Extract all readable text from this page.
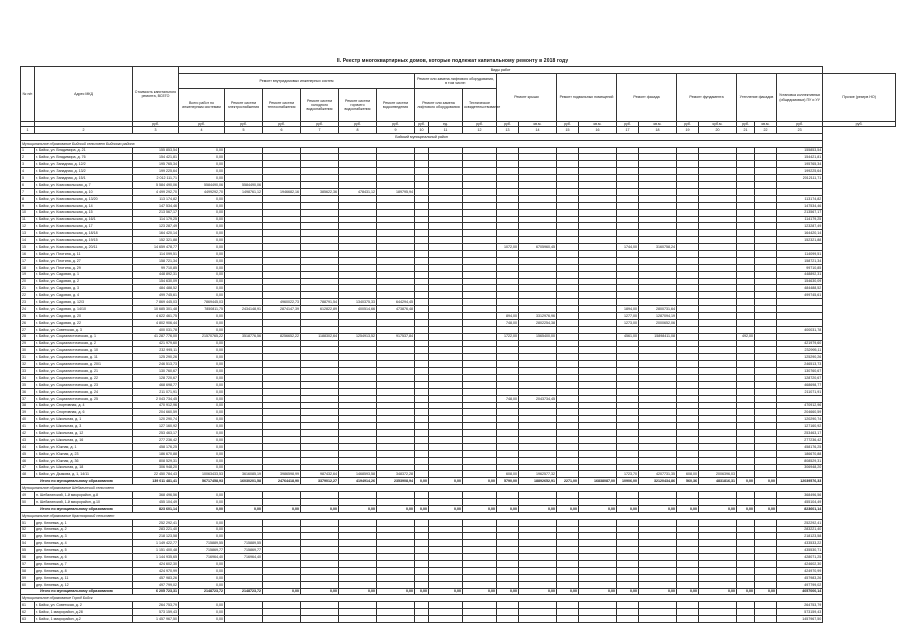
II. Реестр многоквартирных домов, которые подлежат капитальному ремонту в 2018 году
№ п/п	Адрес МКД	Стоимость капитального ремонта, ВСЕГО	Виды работ																				
			Ремонт внутридомовых инженерных систем						Ремонт или замена лифтового оборудования, в том числе:			Ремонт крыши		Ремонт подвальных помещений		Ремонт фасада		Ремонт фундамента		Утепление фасадов		Установка коллективных (общедомовых) ПУ и УУ	Прочие (резерв НО)
			Всего работ по инженерным системам	Ремонт систем электроснабжения	Ремонт систем теплоснабжения	Ремонт систем холодного водоснабжения	Ремонт систем горячего водоснабжения	Ремонт систем водоотведения															
									Ремонт или замена лифтового оборудования		Техническое освидетельствование												
		руб.	руб.	руб.	руб.	руб.	руб.	руб.	руб.	ед.	руб.	руб.	кв.м.	руб.	кв.м.	руб.	кв.м.	руб.	куб.м.	руб.	кв.м.	руб.	руб.
1	2	3	4	5	6	7	8	9	10	11	12	13	14	15	16	17	18	19	20	21	22	23	
Бийский муниципальный район																							
Муниципальное образование Бийский сельсовет Бийского района																							
1	г. Бийск, ул. Владимира, д. 21	155 853,54	0,00																			155853,54	
2	г. Бийск, ул. Владимира, д. 76	154 421,81	0,00																			154421,81	
3	г. Бийск, ул. Западная, д. 12/2	195 765,34	0,00																			195765,34	
4	г. Бийск, ул. Западная, д. 13/2	199 225,64	0,00																			199225,64	
5	г. Бийск, ул. Западная, д. 15/1	2 012 111,71	0,00																			2012111,71	
6	г. Бийск, ул. Комсомольская, д. 7	5 584 490,06	5584490,06	5584490,06																			
7	г. Бийск, ул. Комсомольская, д. 10	4 499 292,70	4499292,70	1498761,12	1946682,16	385622,36	478431,12	189795,94															
8	г. Бийск, ул. Комсомольская, д. 13/20	113 174,82	0,00																			113174,82	
9	г. Бийск, ул. Комсомольская, д. 14	147 534,46	0,00																			147534,46	
10	г. Бийск, ул. Комсомольская, д. 15	213 567,17	0,00																			213567,17	
11	г. Бийск, ул. Комсомольская, д. 16/1	114 179,25	0,00																			114179,25	
12	г. Бийск, ул. Комсомольская, д. 17	123 287,49	0,00																			123287,49	
13	г. Бийск, ул. Комсомольская, д. 18/18	164 420,14	0,00																			164420,14	
14	г. Бийск, ул. Комсомольская, д. 19/15	152 321,88	0,00																			152321,88	
15	г. Бийск, ул. Комсомольская, д. 20/11	14 659 478,77	0,00									1072,00	6705960,45			1744,00	3160758,24						
16	г. Бийск, ул. Плотина, д. 11	114 099,51	0,00																			114099,51	
17	г. Бийск, ул. Плотина, д. 27	158 721,34	0,00																			158721,34	
18	г. Бийск, ул. Плотина, д. 29	99 710,85	0,00																			99710,85	
19	г. Бийск, ул. Садовая, д. 1	448 892,31	0,00																			448892,31	
20	г. Бийск, ул. Садовая, д. 2	154 630,09	0,00																			154630,09	
21	г. Бийск, ул. Садовая, д. 3	484 488,52	0,00																			484488,52	
22	г. Бийск, ул. Садовая, д. 4	499 745,61	0,00																			499745,61	
23	г. Бийск, ул. Садовая, д. 12/3	7 869 445,03	7869445,03		4960022,73	788791,54	1340375,33	644294,45															
24	г. Бийск, ул. Садовая, д. 14/10	10 685 301,48	7850811,75	2434148,91	2874147,39	612822,89	400514,66	473876,48								1894,00	2800731,64						
25	г. Бийск, ул. Садовая, д. 20	4 622 461,75	0,00									894,00	3312976,96			1277,00	1287094,19						
26	г. Бийск, ул. Садовая, д. 22	4 802 906,44	0,00									748,00	2802254,38			1273,00	2000652,06						
27	г. Бийск, ул. Советская, д. 3	400 031,78	0,00																			400031,78	
28	г. Бийск, ул. Социалистическая, д. 1	41 287 776,00	21570765,22	3518776,56	8256652,22	1188302,64	1254913,52	917537,84				1722,00	1565400,00			4561,00	15898411,08			492,00			
29	г. Бийск, ул. Социалистическая, д. 2	421 979,60	0,00																			421979,60	
30	г. Бийск, ул. Социалистическая, д. 10	232 995,11	0,00																			232995,11	
31	г. Бийск, ул. Социалистическая, д. 11	125 290,26	0,00																			125290,26	
32	г. Бийск, ул. Социалистическая, д. 20/1	246 513,73	0,00																			246513,73	
33	г. Бийск, ул. Социалистическая, д. 21	130 760,67	0,00																			130760,67	
34	г. Бийск, ул. Социалистическая, д. 22	128 720,67	0,00																			128720,67	
35	г. Бийск, ул. Социалистическая, д. 23	468 698,77	0,00																			468698,77	
36	г. Бийск, ул. Социалистическая, д. 24	211 071,91	0,00																			211071,91	
37	г. Бийск, ул. Социалистическая, д. 25	2 043 734,45	0,00									748,00	2043734,45										
38	г. Бийск, ул. Спортивная, д. 4	470 912,96	0,00																			470912,96	
39	г. Бийск, ул. Спортивная, д. 6	204 660,59	0,00																			204660,59	
40	г. Бийск, ул. Школьная, д. 1	120 290,74	0,00																			120290,74	
41	г. Бийск, ул. Школьная, д. 3	127 160,92	0,00																			127160,92	
42	г. Бийск, ул. Школьная, д. 12	253 463,17	0,00																			253463,17	
43	г. Бийск, ул. Школьная, д. 16	277 236,42	0,00																			277236,42	
44	г. Бийск, ул. Южная, д. 1	458 176,25	0,00																			458176,25	
45	г. Бийск, ул. Южная, д. 23	186 670,88	0,00																			186670,88	
46	г. Бийск, ул. Южная, д. 36	808 529,31	0,00																			808529,31	
47	г. Бийск, ул. Школьная, д. 18	306 948,20	0,00																			306948,20	
48	г. Бийск, ул. Дьякова, д. 1, 14/11	22 450 784,43	10063433,53	3616085,19	3986598,99	987432,64	1468593,58	348372,28				608,00	1962577,32			1723,70	4207731,35	608,00	2006396,03				
Итого по муниципальному образованию		139 011 481,41	56717458,93	16030201,58	24764418,90	3379012,27	4194914,26	2353908,94	0,00	0,00	0,00	5790,00	18892652,91	2271,00	16838087,00	10906,00	32120434,86	560,36	4831816,31	0,00	0,00	12039576,33	
Муниципальное образование Шебалинский сельсовет																							
49	п. Шебалинский, 1-й микрорайон, д.8	368 496,56	0,00																			368496,56	
50	п. Шебалинский, 1-й микрорайон, д.10	455 104,49	0,00																			455104,49	
Итого по муниципальному образованию		823 601,14	0,00	0,00	0,00	0,00	0,00	0,00	0,00	0,00	0,00	0,00	0,00	0,00	0,00	0,00	0,00	0,00	0,00	0,00	0,00	823601,14	
Муниципальное образование Красноярский сельсовет																							
51	дер. Клюевка, д. 1	252 292,41	0,00																			252292,41	
52	дер. Клюевка, д. 2	283 221,40	0,00																			283221,40	
53	дер. Клюевка, д. 3	218 123,58	0,00																			218123,58	
54	дер. Клюевка, д. 4	1 149 422,77	715889,55	715889,55																		433533,22	
55	дер. Клюевка, д. 5	1 151 400,48	715869,77	715869,77																		435530,71	
56	дер. Клюевка, д. 6	1 144 935,65	716964,40	716964,40																		428071,25	
57	дер. Клюевка, д. 7	424 602,30	0,00																			424602,30	
58	дер. Клюевка, д. 8	424 970,99	0,00																			424970,99	
59	дер. Клюевка, д. 11	457 983,26	0,00																			457983,26	
60	дер. Клюевка, д. 12	497 799,02	0,00																			497799,02	
Итого по муниципальному образованию		6 205 723,31	2148723,72	2148723,72	0,00	0,00	0,00	0,00	0,00	0,00	0,00	0,00	0,00	0,00	0,00	0,00	0,00	0,00	0,00	0,00	0,00	4057000,14	
Муниципальное образование Город Бийск																							
61	г. Бийск, ул. Советская, д. 2	264 753,79	0,00																			264753,79	
62	г. Бийск, 1 микрорайон, д.28	573 159,43	0,00																			573159,43	
63	г. Бийск, 1 микрорайон, д.2	1 457 967,50	0,00																			1457967,50	
